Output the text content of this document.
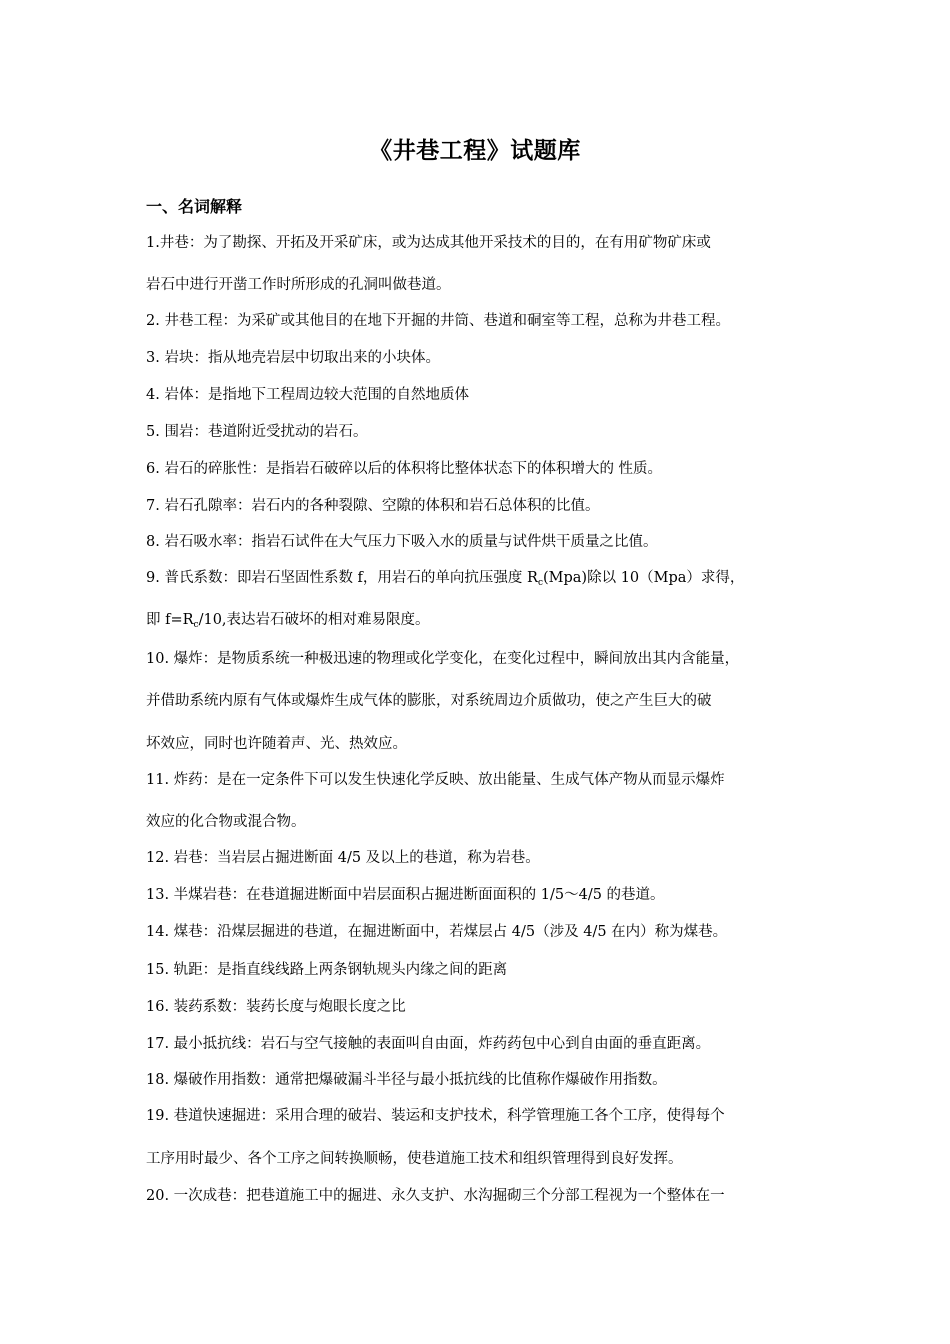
《井巷工程》试题库
一、名词解释
1.井巷：为了勘探、开拓及开采矿床，或为达成其他开采技术的目的，在有用矿物矿床或
岩石中进行开凿工作时所形成的孔洞叫做巷道。
2. 井巷工程：为采矿或其他目的在地下开掘的井筒、巷道和硐室等工程，总称为井巷工程。
3. 岩块：指从地壳岩层中切取出来的小块体。
4. 岩体：是指地下工程周边较大范围的自然地质体
5. 围岩：巷道附近受扰动的岩石。
6. 岩石的碎胀性：是指岩石破碎以后的体积将比整体状态下的体积增大的 性质。
7. 岩石孔隙率：岩石内的各种裂隙、空隙的体积和岩石总体积的比值。
8. 岩石吸水率：指岩石试件在大气压力下吸入水的质量与试件烘干质量之比值。
9. 普氏系数：即岩石坚固性系数 f，用岩石的单向抗压强度 $R_c(Mpa)$除以 10（Mpa）求得，
即 $f=R_c/10$,表达岩石破坏的相对难易限度。
10. 爆炸：是物质系统一种极迅速的物理或化学变化，在变化过程中，瞬间放出其内含能量，
并借助系统内原有气体或爆炸生成气体的膨胀，对系统周边介质做功，使之产生巨大的破
坏效应，同时也许随着声、光、热效应。
11. 炸药：是在一定条件下可以发生快速化学反映、放出能量、生成气体产物从而显示爆炸
效应的化合物或混合物。
12. 岩巷：当岩层占掘进断面 4/5 及以上的巷道，称为岩巷。
13. 半煤岩巷：在巷道掘进断面中岩层面积占掘进断面面积的 1/5～4/5 的巷道。
14. 煤巷：沿煤层掘进的巷道，在掘进断面中，若煤层占 4/5（涉及 4/5 在内）称为煤巷。
15. 轨距：是指直线线路上两条钢轨规头内缘之间的距离
16. 装药系数：装药长度与炮眼长度之比
17. 最小抵抗线：岩石与空气接触的表面叫自由面，炸药药包中心到自由面的垂直距离。
18. 爆破作用指数：通常把爆破漏斗半径与最小抵抗线的比值称作爆破作用指数。
19. 巷道快速掘进：采用合理的破岩、装运和支护技术，科学管理施工各个工序，使得每个
工序用时最少、各个工序之间转换顺畅，使巷道施工技术和组织管理得到良好发挥。
20. 一次成巷：把巷道施工中的掘进、永久支护、水沟掘砌三个分部工程视为一个整体在一
